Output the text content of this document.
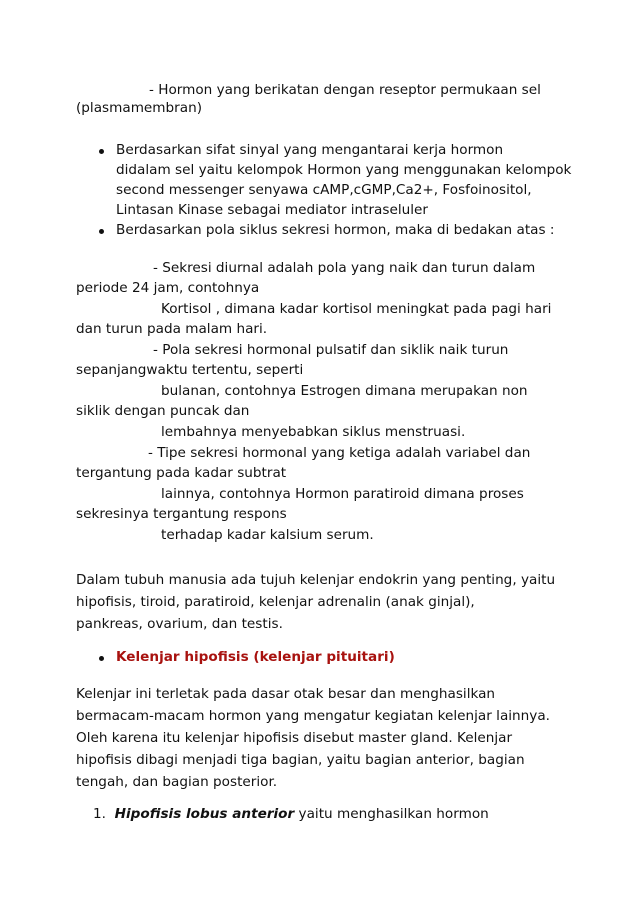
- Hormon yang berikatan dengan reseptor permukaan sel

(plasmamembran)

Berdasarkan sifat sinyal yang mengantarai kerja hormon

didalam sel yaitu kelompok Hormon yang menggunakan kelompok

second messenger senyawa cAMP,cGMP,Ca2+, Fosfoinositol,

Lintasan Kinase sebagai mediator intraseluler

Berdasarkan pola siklus sekresi hormon, maka di bedakan atas :

- Sekresi diurnal adalah pola yang naik dan turun dalam

periode 24 jam, contohnya

Kortisol , dimana kadar kortisol meningkat pada pagi hari

dan turun pada malam hari.

- Pola sekresi hormonal pulsatif dan siklik naik turun

sepanjangwaktu tertentu, seperti

bulanan, contohnya Estrogen dimana merupakan non

siklik dengan puncak dan

lembahnya menyebabkan siklus menstruasi.

- Tipe sekresi hormonal yang ketiga adalah variabel dan

tergantung pada kadar subtrat

lainnya, contohnya Hormon paratiroid dimana proses

sekresinya tergantung respons

terhadap kadar kalsium serum.

Dalam tubuh manusia ada tujuh kelenjar endokrin yang penting, yaitu

hipofisis, tiroid, paratiroid, kelenjar adrenalin (anak ginjal),

pankreas, ovarium, dan testis.

Kelenjar hipofisis (kelenjar pituitari)

Kelenjar ini terletak pada dasar otak besar dan menghasilkan

bermacam-macam hormon yang mengatur kegiatan kelenjar lainnya.

Oleh karena itu kelenjar hipofisis disebut master gland. Kelenjar

hipofisis dibagi menjadi tiga bagian, yaitu bagian anterior, bagian

tengah, dan bagian posterior.

1. Hipofisis lobus anterior yaitu menghasilkan hormon
